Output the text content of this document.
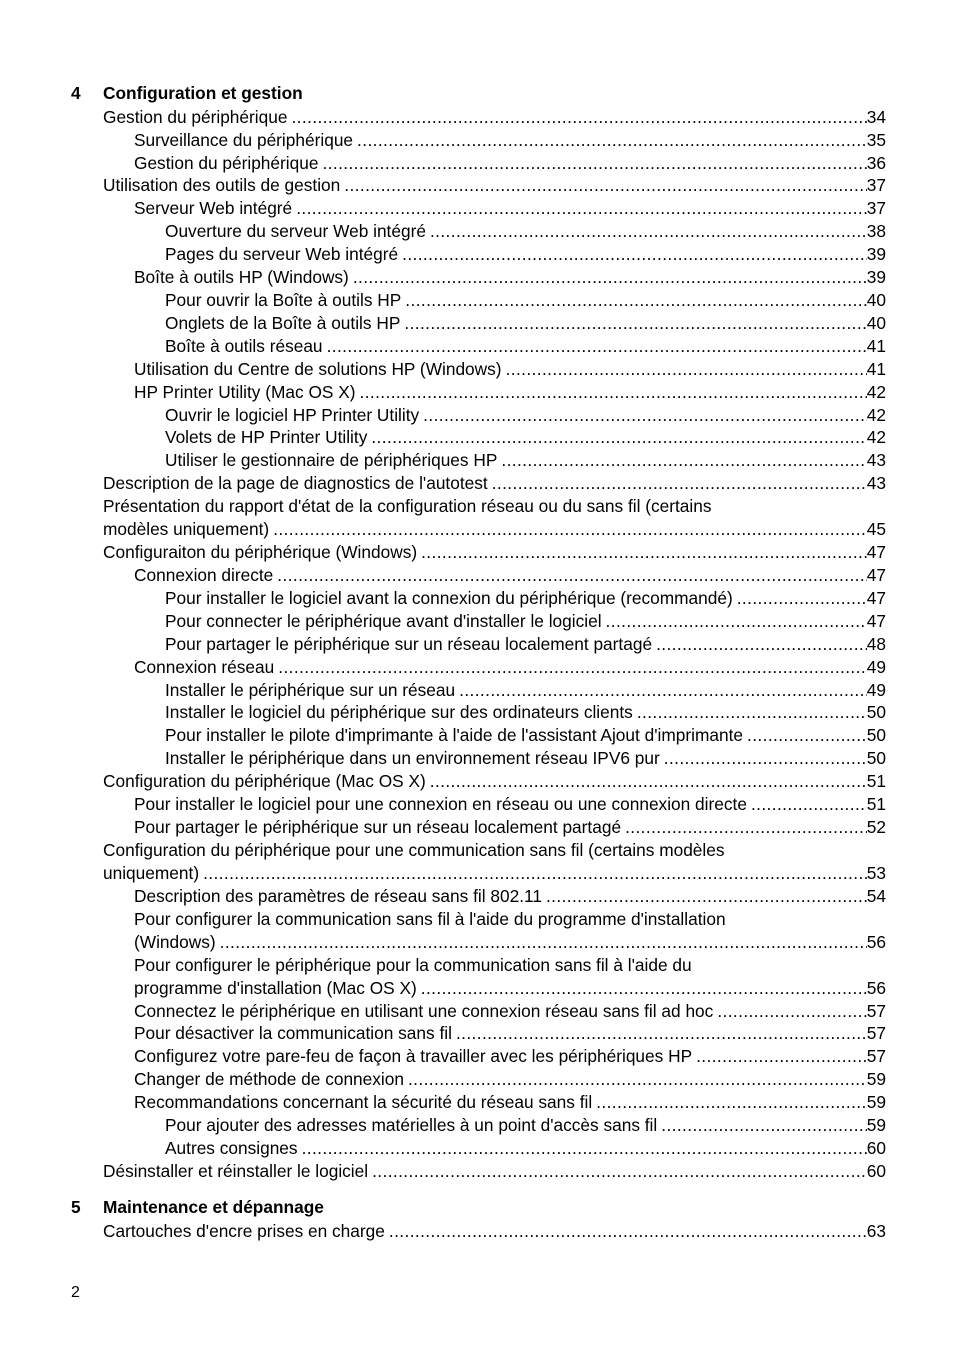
4 Configuration et gestion
Gestion du périphérique .....	34
Surveillance du périphérique .....	35
Gestion du périphérique .....	36
Utilisation des outils de gestion .....	37
Serveur Web intégré .....	37
Ouverture du serveur Web intégré .....	38
Pages du serveur Web intégré .....	39
Boîte à outils HP (Windows) .....	39
Pour ouvrir la Boîte à outils HP .....	40
Onglets de la Boîte à outils HP .....	40
Boîte à outils réseau .....	41
Utilisation du Centre de solutions HP (Windows) .....	41
HP Printer Utility (Mac OS X) .....	42
Ouvrir le logiciel HP Printer Utility .....	42
Volets de HP Printer Utility .....	42
Utiliser le gestionnaire de périphériques HP .....	43
Description de la page de diagnostics de l'autotest .....	43
Présentation du rapport d'état de la configuration réseau ou du sans fil (certains
modèles uniquement) .....	45
Configuraiton du périphérique (Windows) .....	47
Connexion directe .....	47
Pour installer le logiciel avant la connexion du périphérique (recommandé) .....	47
Pour connecter le périphérique avant d'installer le logiciel .....	47
Pour partager le périphérique sur un réseau localement partagé .....	48
Connexion réseau .....	49
Installer le périphérique sur un réseau .....	49
Installer le logiciel du périphérique sur des ordinateurs clients .....	50
Pour installer le pilote d'imprimante à l'aide de l'assistant Ajout d'imprimante .....	50
Installer le périphérique dans un environnement réseau IPV6 pur .....	50
Configuration du périphérique (Mac OS X) .....	51
Pour installer le logiciel pour une connexion en réseau ou une connexion directe .....	51
Pour partager le périphérique sur un réseau localement partagé .....	52
Configuration du périphérique pour une communication sans fil (certains modèles
uniquement) .....	53
Description des paramètres de réseau sans fil 802.11 .....	54
Pour configurer la communication sans fil à l'aide du programme d'installation
(Windows) .....	56
Pour configurer le périphérique pour la communication sans fil à l'aide du
programme d'installation (Mac OS X) .....	56
Connectez le périphérique en utilisant une connexion réseau sans fil ad hoc .....	57
Pour désactiver la communication sans fil .....	57
Configurez votre pare-feu de façon à travailler avec les périphériques HP .....	57
Changer de méthode de connexion .....	59
Recommandations concernant la sécurité du réseau sans fil .....	59
Pour ajouter des adresses matérielles à un point d'accès sans fil .....	59
Autres consignes .....	60
Désinstaller et réinstaller le logiciel .....	60
5 Maintenance et dépannage
Cartouches d'encre prises en charge .....	63
2
